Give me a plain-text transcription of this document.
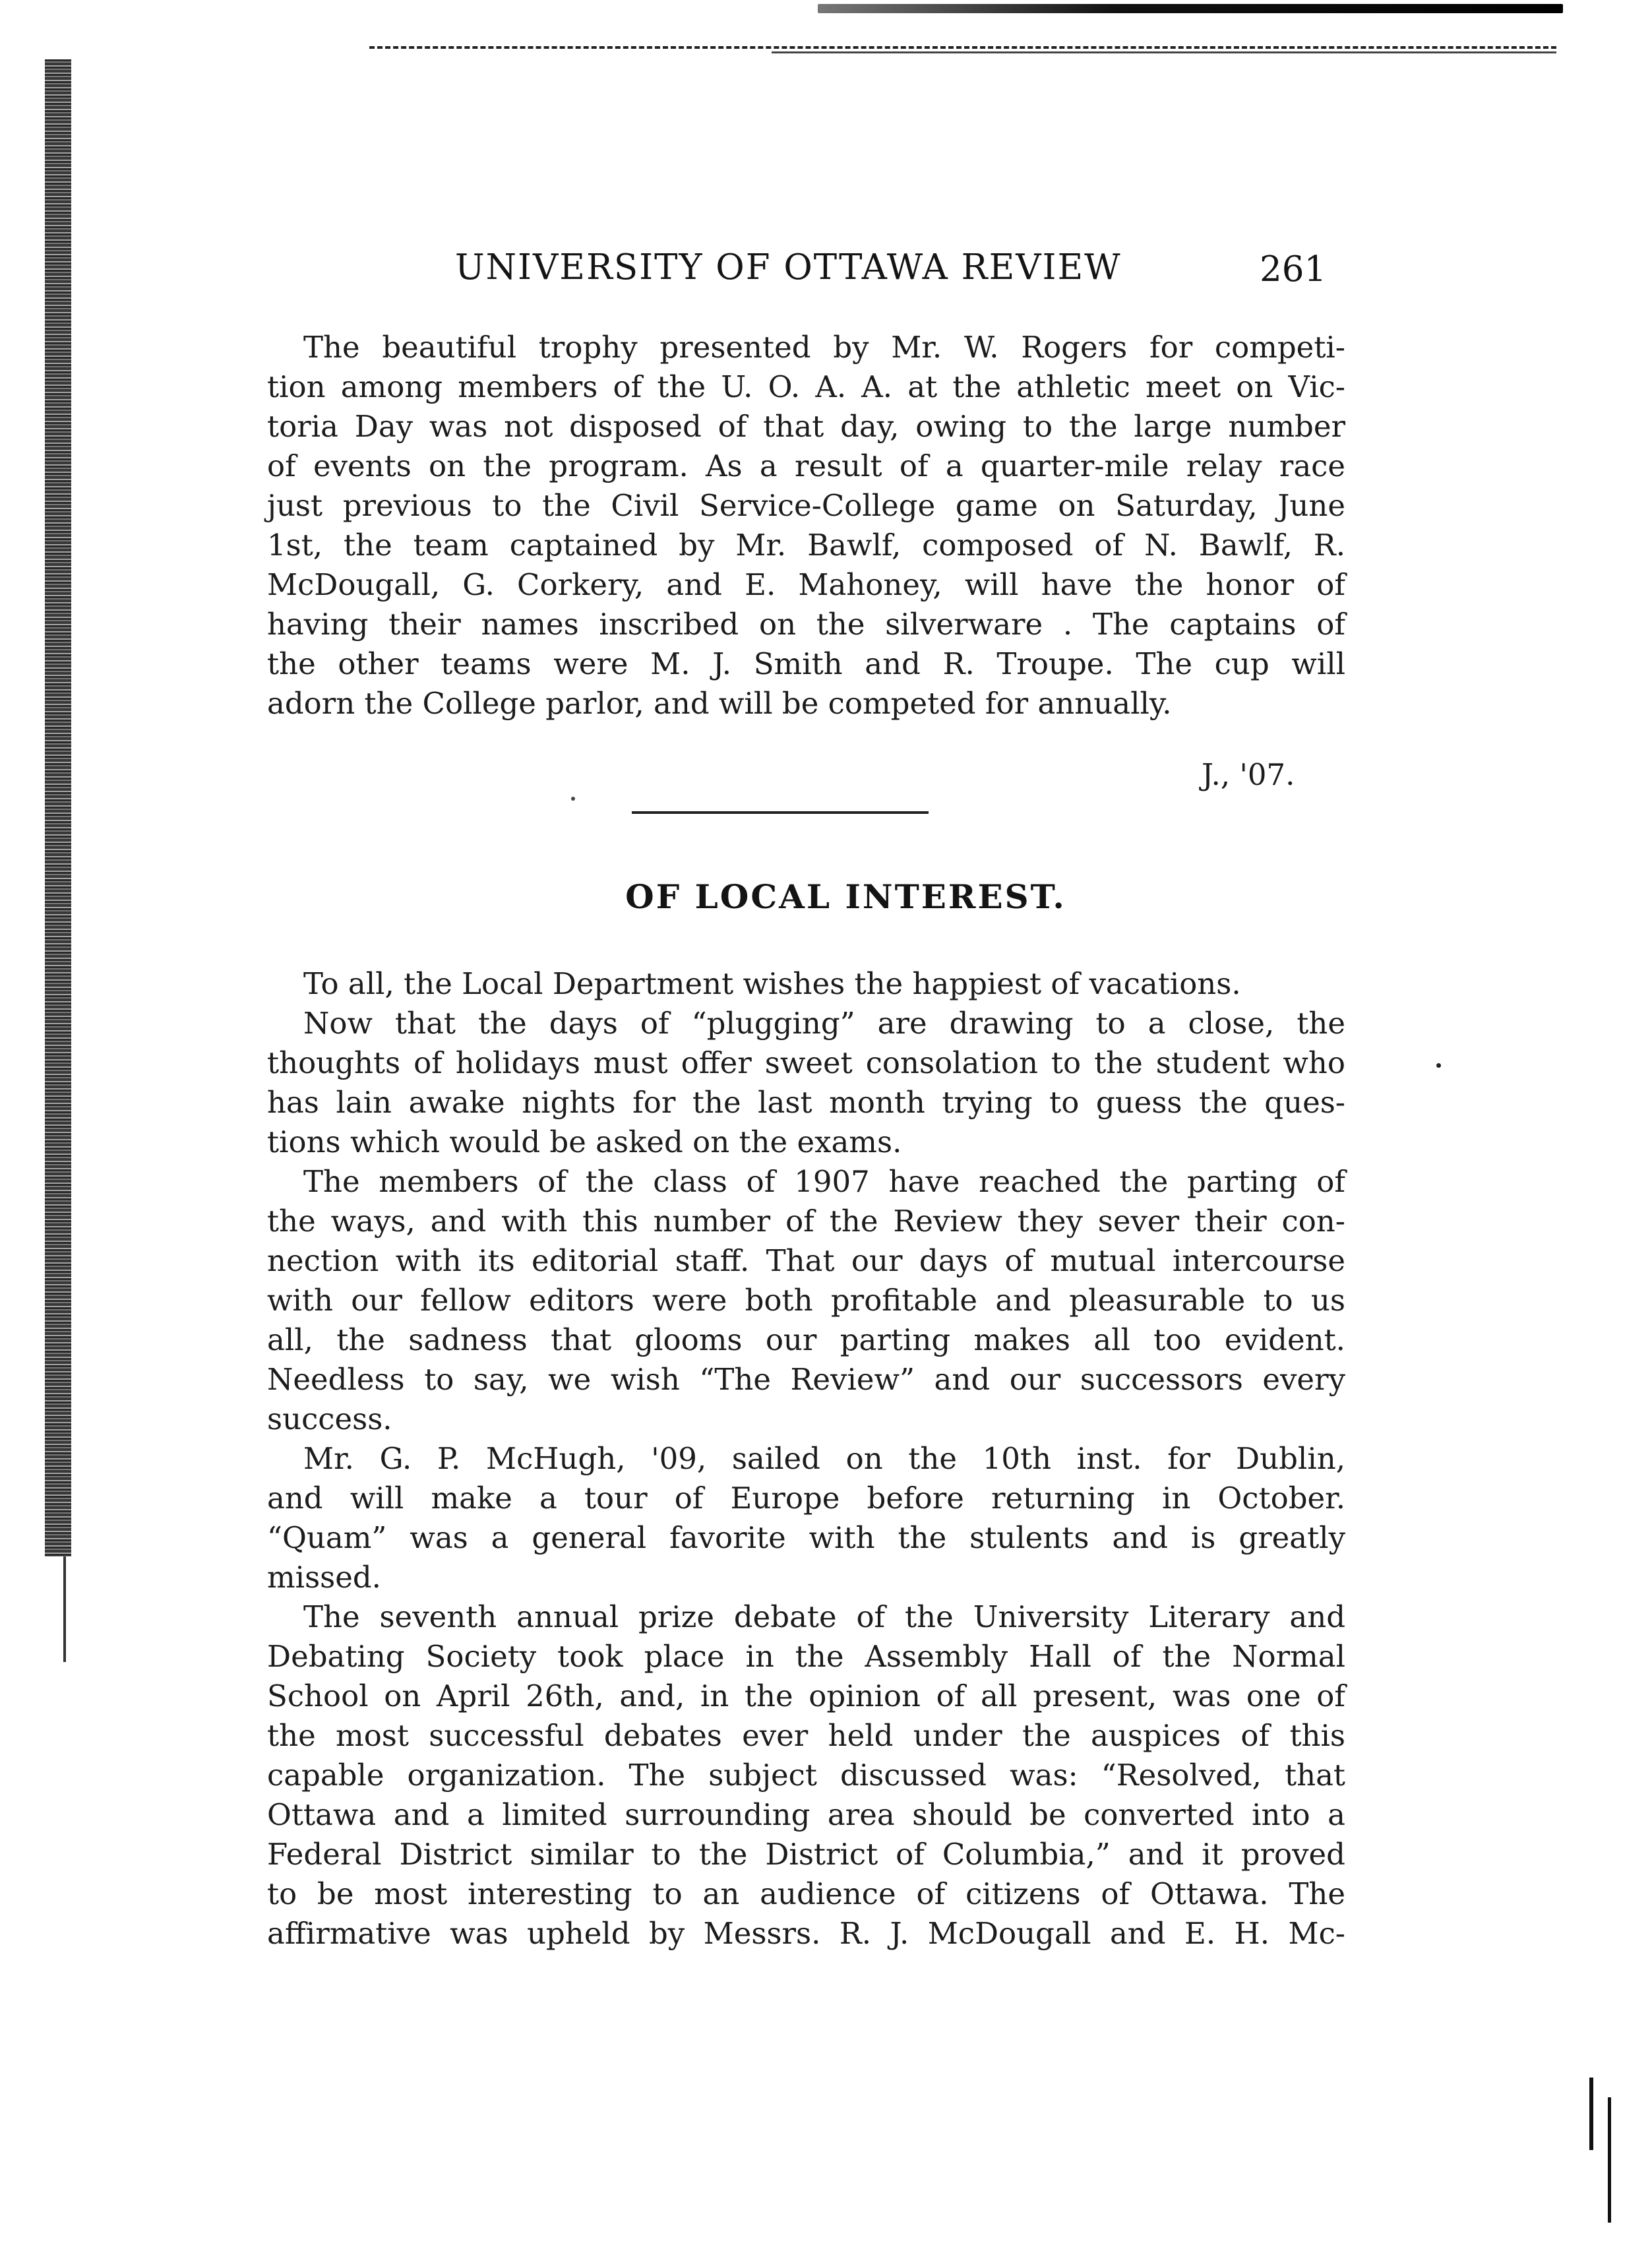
UNIVERSITY OF OTTAWA REVIEW	261
The beautiful trophy presented by Mr. W. Rogers for competi-
tion among members of the U. O. A. A. at the athletic meet on Vic-
toria Day was not disposed of that day, owing to the large number
of events on the program. As a result of a quarter-mile relay race
just previous to the Civil Service-College game on Saturday, June
1st, the team captained by Mr. Bawlf, composed of N. Bawlf, R.
McDougall, G. Corkery, and E. Mahoney, will have the honor of
having their names inscribed on the silverware . The captains of
the other teams were M. J. Smith and R. Troupe. The cup will
adorn the College parlor, and will be competed for annually.
J., '07.
OF LOCAL INTEREST.
To all, the Local Department wishes the happiest of vacations.
Now that the days of “plugging” are drawing to a close, the
thoughts of holidays must offer sweet consolation to the student who
has lain awake nights for the last month trying to guess the ques-
tions which would be asked on the exams.
The members of the class of 1907 have reached the parting of
the ways, and with this number of the Review they sever their con-
nection with its editorial staff. That our days of mutual intercourse
with our fellow editors were both profitable and pleasurable to us
all, the sadness that glooms our parting makes all too evident.
Needless to say, we wish “The Review” and our successors every
success.
Mr. G. P. McHugh, '09, sailed on the 10th inst. for Dublin,
and will make a tour of Europe before returning in October.
“Quam” was a general favorite with the stulents and is greatly
missed.
The seventh annual prize debate of the University Literary and
Debating Society took place in the Assembly Hall of the Normal
School on April 26th, and, in the opinion of all present, was one of
the most successful debates ever held under the auspices of this
capable organization. The subject discussed was: “Resolved, that
Ottawa and a limited surrounding area should be converted into a
Federal District similar to the District of Columbia,” and it proved
to be most interesting to an audience of citizens of Ottawa. The
affirmative was upheld by Messrs. R. J. McDougall and E. H. Mc-
